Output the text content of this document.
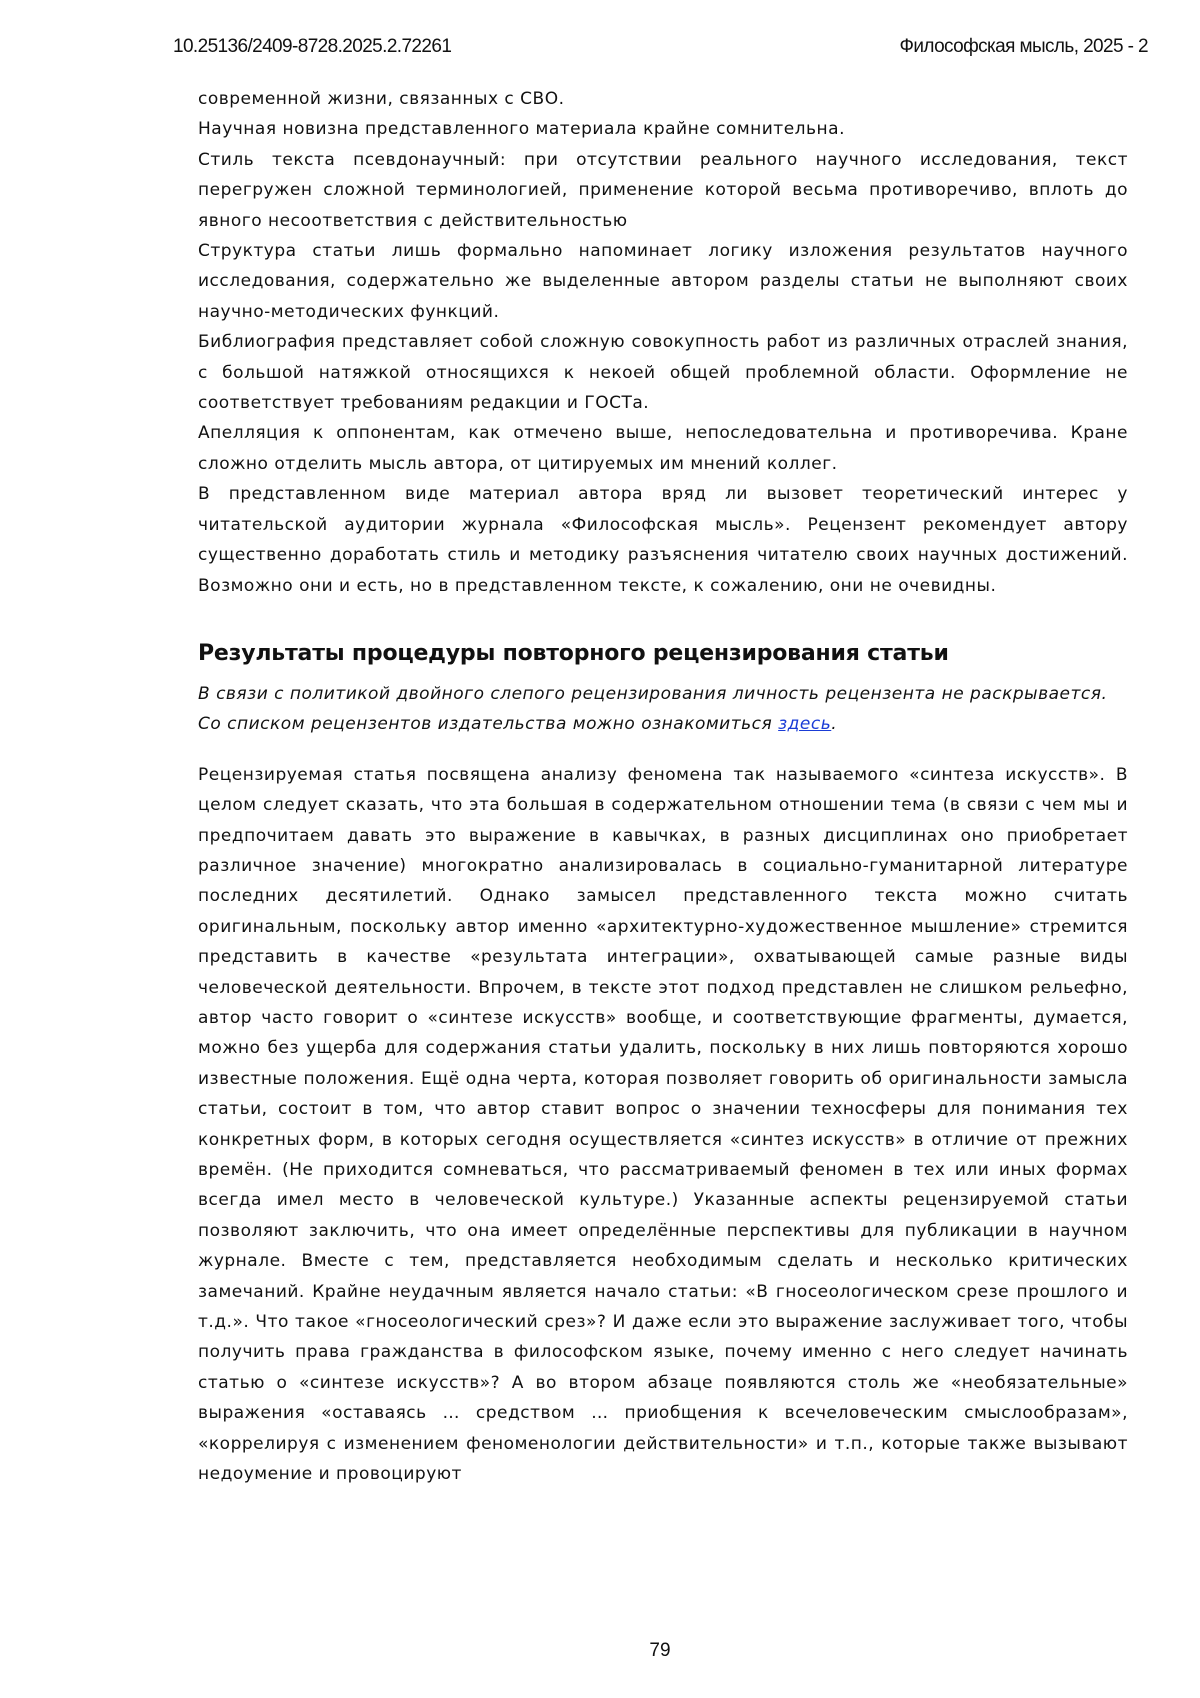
10.25136/2409-8728.2025.2.72261	Философская мысль, 2025 - 2

современной жизни, связанных с СВО.

Научная новизна представленного материала крайне сомнительна.

Стиль текста псевдонаучный: при отсутствии реального научного исследования, текст перегружен сложной терминологией, применение которой весьма противоречиво, вплоть до явного несоответствия с действительностью

Структура статьи лишь формально напоминает логику изложения результатов научного исследования, содержательно же выделенные автором разделы статьи не выполняют своих научно-методических функций.

Библиография представляет собой сложную совокупность работ из различных отраслей знания, с большой натяжкой относящихся к некоей общей проблемной области. Оформление не соответствует требованиям редакции и ГОСТа.

Апелляция к оппонентам, как отмечено выше, непоследовательна и противоречива. Кране сложно отделить мысль автора, от цитируемых им мнений коллег.

В представленном виде материал автора вряд ли вызовет теоретический интерес у читательской аудитории журнала «Философская мысль». Рецензент рекомендует автору существенно доработать стиль и методику разъяснения читателю своих научных достижений. Возможно они и есть, но в представленном тексте, к сожалению, они не очевидны.

Результаты процедуры повторного рецензирования статьи

В связи с политикой двойного слепого рецензирования личность рецензента не раскрывается.

Со списком рецензентов издательства можно ознакомиться здесь.

Рецензируемая статья посвящена анализу феномена так называемого «синтеза искусств». В целом следует сказать, что эта большая в содержательном отношении тема (в связи с чем мы и предпочитаем давать это выражение в кавычках, в разных дисциплинах оно приобретает различное значение) многократно анализировалась в социально-гуманитарной литературе последних десятилетий. Однако замысел представленного текста можно считать оригинальным, поскольку автор именно «архитектурно-художественное мышление» стремится представить в качестве «результата интеграции», охватывающей самые разные виды человеческой деятельности. Впрочем, в тексте этот подход представлен не слишком рельефно, автор часто говорит о «синтезе искусств» вообще, и соответствующие фрагменты, думается, можно без ущерба для содержания статьи удалить, поскольку в них лишь повторяются хорошо известные положения. Ещё одна черта, которая позволяет говорить об оригинальности замысла статьи, состоит в том, что автор ставит вопрос о значении техносферы для понимания тех конкретных форм, в которых сегодня осуществляется «синтез искусств» в отличие от прежних времён. (Не приходится сомневаться, что рассматриваемый феномен в тех или иных формах всегда имел место в человеческой культуре.) Указанные аспекты рецензируемой статьи позволяют заключить, что она имеет определённые перспективы для публикации в научном журнале. Вместе с тем, представляется необходимым сделать и несколько критических замечаний. Крайне неудачным является начало статьи: «В гносеологическом срезе прошлого и т.д.». Что такое «гносеологический срез»? И даже если это выражение заслуживает того, чтобы получить права гражданства в философском языке, почему именно с него следует начинать статью о «синтезе искусств»? А во втором абзаце появляются столь же «необязательные» выражения «оставаясь … средством … приобщения к всечеловеческим смыслообразам», «коррелируя с изменением феноменологии действительности» и т.п., которые также вызывают недоумение и провоцируют

79
